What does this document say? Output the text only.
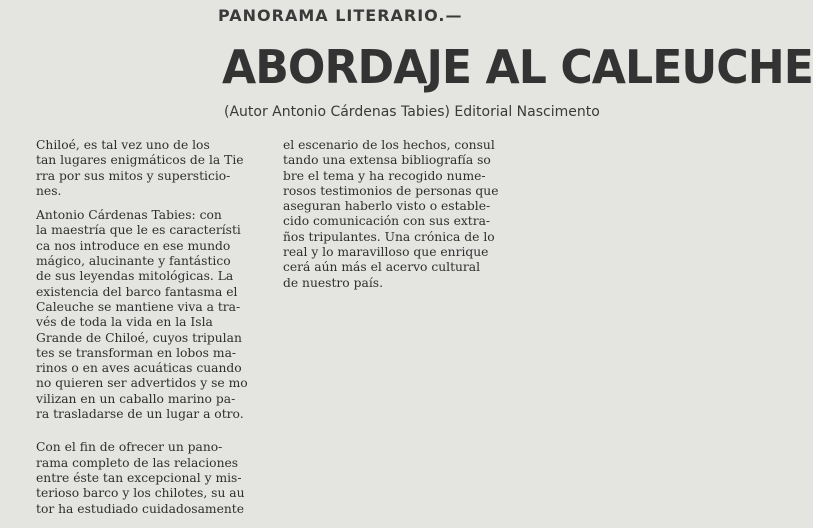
PANORAMA LITERARIO.—
ABORDAJE AL CALEUCHE
(Autor Antonio Cárdenas Tabies) Editorial Nascimento

Chiloé, es tal vez uno de los
tan lugares enigmáticos de la Tie
rra por sus mitos y supersticio-
nes.

Antonio Cárdenas Tabies: con
la maestría que le es característi
ca nos introduce en ese mundo
mágico, alucinante y fantástico
de sus leyendas mitológicas. La
existencia del barco fantasma el
Caleuche se mantiene viva a tra-
vés de toda la vida en la Isla
Grande de Chiloé, cuyos tripulan
tes se transforman en lobos ma-
rinos o en aves acuáticas cuando
no quieren ser advertidos y se mo
vilizan en un caballo marino pa-
ra trasladarse de un lugar a otro.

Con el fin de ofrecer un pano-
rama completo de las relaciones
entre éste tan excepcional y mis-
terioso barco y los chilotes, su au
tor ha estudiado cuidadosamente

el escenario de los hechos, consul
tando una extensa bibliografía so
bre el tema y ha recogido nume-
rosos testimonios de personas que
aseguran haberlo visto o estable-
cido comunicación con sus extra-
ños tripulantes. Una crónica de lo
real y lo maravilloso que enrique
cerá aún más el acervo cultural
de nuestro país.
